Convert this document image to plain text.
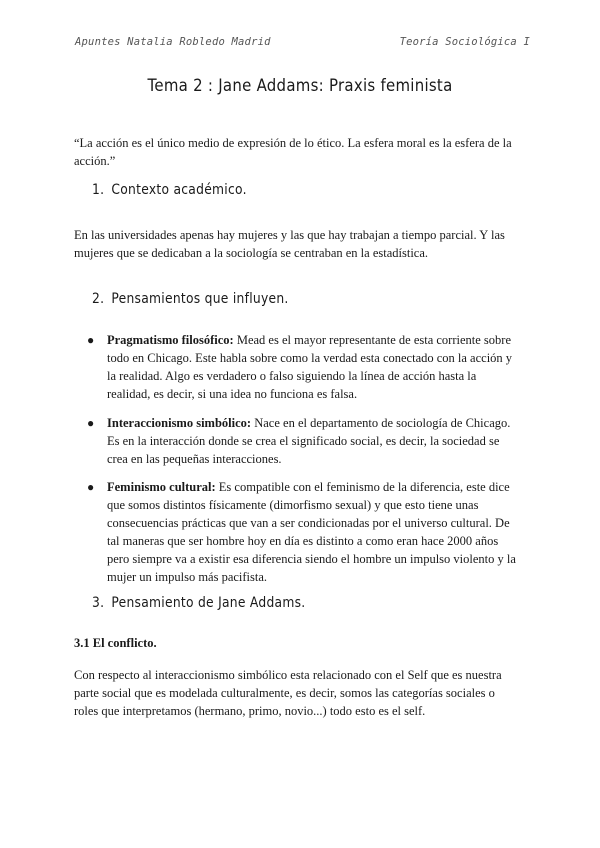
Apuntes Natalia Robledo Madrid	Teoría Sociológica I
Tema 2 : Jane Addams: Praxis feminista

“La acción es el único medio de expresión de lo ético. La esfera moral es la esfera de la acción.”

1. Contexto académico.

En las universidades apenas hay mujeres y las que hay trabajan a tiempo parcial. Y las mujeres que se dedicaban a la sociología se centraban en la estadística.

2. Pensamientos que influyen.
● Pragmatismo filosófico: Mead es el mayor representante de esta corriente sobre todo en Chicago. Este habla sobre como la verdad esta conectado con la acción y la realidad. Algo es verdadero o falso siguiendo la línea de acción hasta la realidad, es decir, si una idea no funciona es falsa.
● Interaccionismo simbólico: Nace en el departamento de sociología de Chicago. Es en la interacción donde se crea el significado social, es decir, la sociedad se crea en las pequeñas interacciones.
● Feminismo cultural: Es compatible con el feminismo de la diferencia, este dice que somos distintos físicamente (dimorfismo sexual) y que esto tiene unas consecuencias prácticas que van a ser condicionadas por el universo cultural. De tal maneras que ser hombre hoy en día es distinto a como eran hace 2000 años pero siempre va a existir esa diferencia siendo el hombre un impulso violento y la mujer un impulso más pacifista.
3. Pensamiento de Jane Addams.
3.1 El conflicto.

Con respecto al interaccionismo simbólico esta relacionado con el Self que es nuestra parte social que es modelada culturalmente, es decir, somos las categorías sociales o roles que interpretamos (hermano, primo, novio...) todo esto es el self.
